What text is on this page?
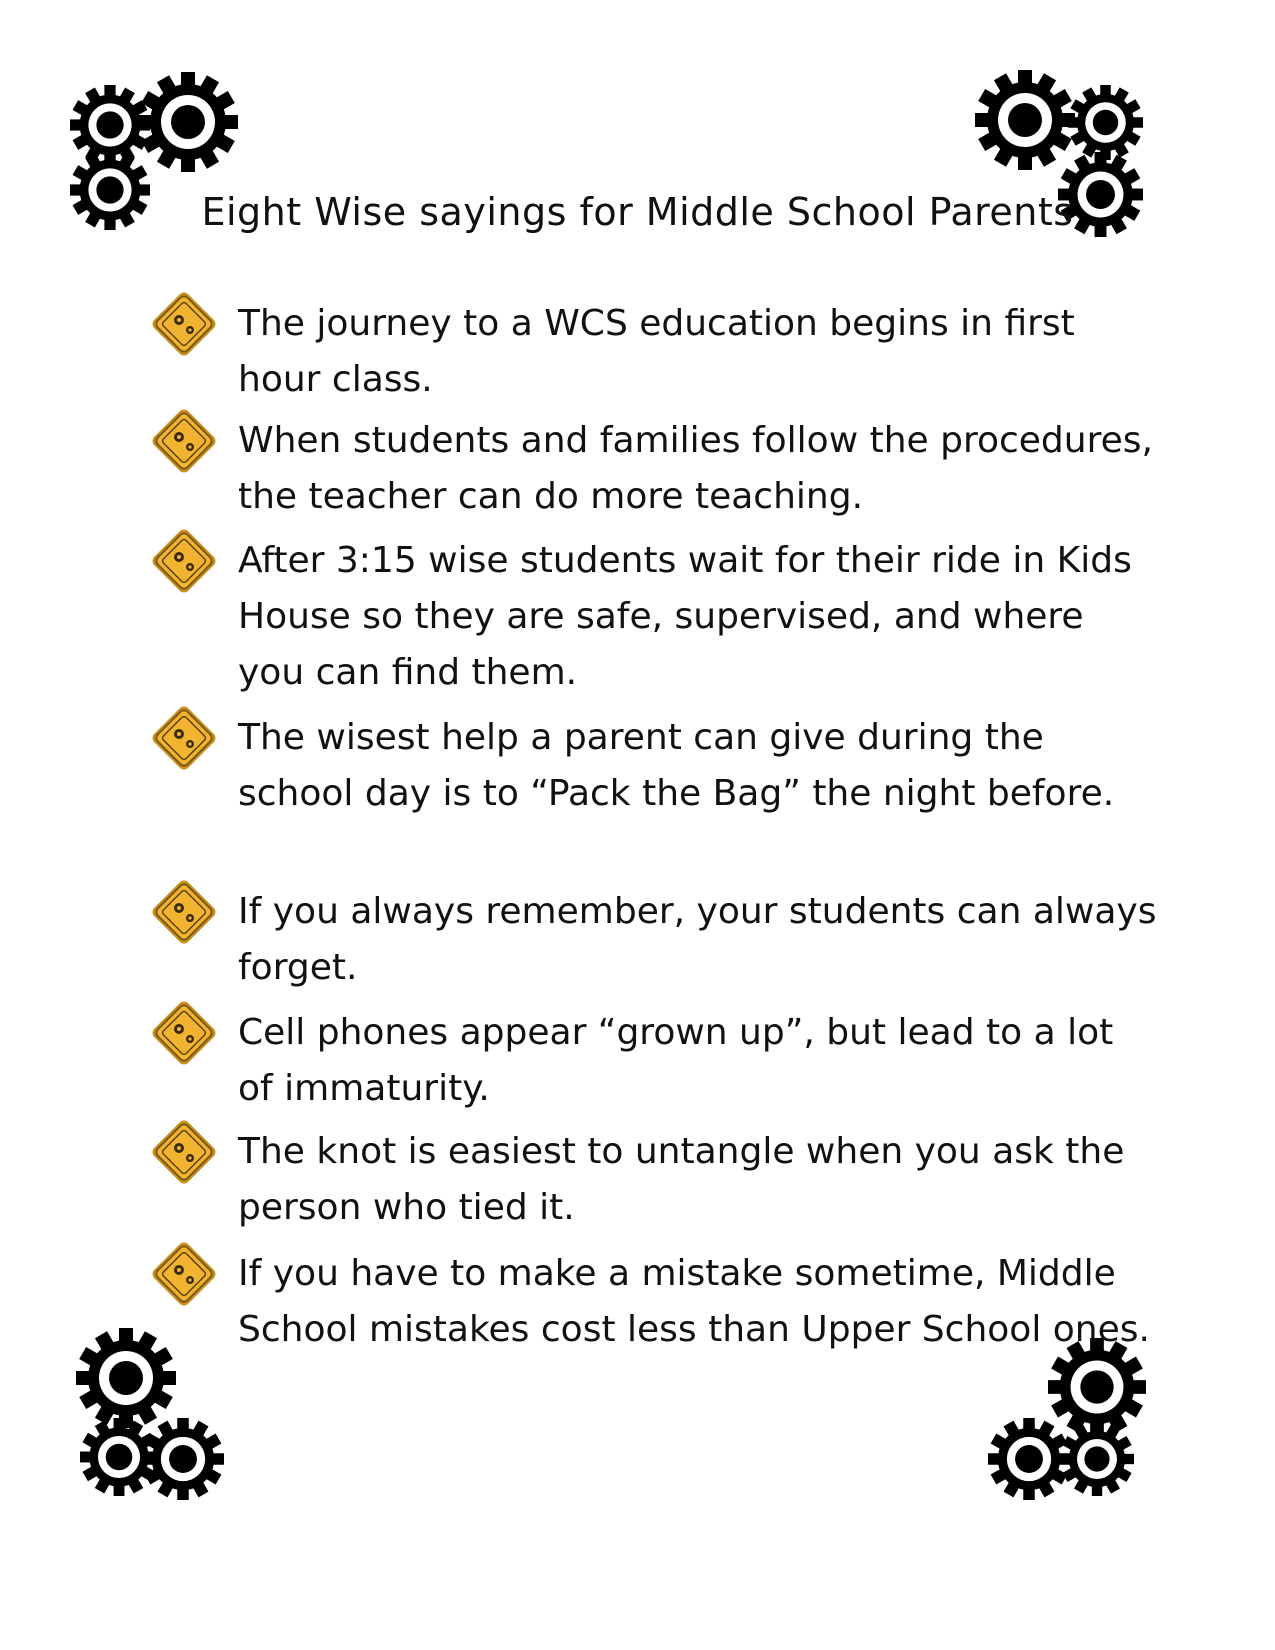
Eight Wise sayings for Middle School Parents
The journey to a WCS education begins in first hour class.
When students and families follow the procedures, the teacher can do more teaching.
After 3:15 wise students wait for their ride in Kids House so they are safe, supervised, and where you can find them.
The wisest help a parent can give during the school day is to “Pack the Bag” the night before.
If you always remember, your students can always forget.
Cell phones appear “grown up”, but lead to a lot of immaturity.
The knot is easiest to untangle when you ask the person who tied it.
If you have to make a mistake sometime, Middle School mistakes cost less than Upper School ones.
